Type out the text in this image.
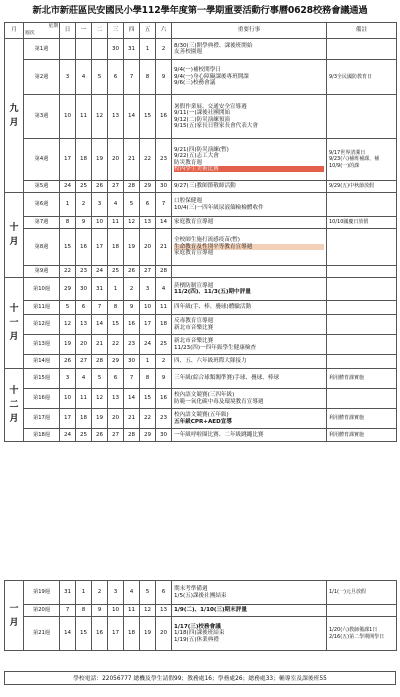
新北市新莊區民安國民小學112學年度第一學期重要活動行事曆0628校務會議通過
月	星期
週次	日	一	二	三	四	五	六	重要行事	備註

九
月	第1週				30	31	1	2	8/30(三)開學典禮、課後班開始
友善校園週	

	第2週	3	4	5	6	7	8	9	9/4(一)補校開學日
9/4(一)身心障礙課後專班開課
9/6(三)校務會議	9/3全民國防教育日

	第3週	10	11	12	13	14	15	16	暑假作業展、交通安全宣導週
9/11(一)課後社團開始
9/12(二)防災演練預演
9/15(五)家長日暨家長會代表大會	

	第4週	17	18	19	20	21	22	23	9/21(四)防災演練(暫)
9/22(五)志工大會
防災教育週
校內學生美術比賽	9/17世界清潔日
9/23(六)補班補課，補10/9(一)的課

	第5週	24	25	26	27	28	29	30	9/27(三)教師節敬師活動	9/29(五)中秋節放假

十
月	第6週	1	2	3	4	5	6	7	口腔保健週
10/4(三)一四年級尿液篩檢檢體收件	

	第7週	8	9	10	11	12	13	14	家庭教育宣導週	10/10國慶日放假

	第8週	15	16	17	18	19	20	21	全校師生施打流感疫苗(暫)
生命教育及性別平等教育宣導週
家庭教育宣導週	

	第9週	22	23	24	25	26	27	28	

十
一
月	第10週	29	30	31	1	2	3	4	菸檳防制宣導週
11/2(四)、11/3(五)期中評量	

	第11週	5	6	7	8	9	10	11	四年級(手、棒、疊球)體驗活動	

	第12週	12	13	14	15	16	17	18	反毒教育宣導週
新北市音樂比賽	

	第13週	19	20	21	22	23	24	25	新北市音樂比賽
11/23(四)一四年級學生健康檢查	

	第14週	26	27	28	29	30	1	2	四、五、六年級班際大隊接力	

十
二
月	第15週	3	4	5	6	7	8	9	三年級(綜合球類闖準賽)手球、疊球、棒球	利用體育課實施

	第16週	10	11	12	13	14	15	16	校內語文競賽(三四年級)
防範一氧化碳中毒及環境教育宣導週	

	第17週	17	18	19	20	21	22	23	校內語文競賽(五年級)
五年級CPR+AED宣導	利用體育課實施

	第18週	24	25	26	27	28	29	30	一年級呼啦圈比賽、二年級跳繩比賽	利用體育課實施
一
月	第19週	31	1	2	3	4	5	6	期末考準備週
1/5(五)課後社團結束	1/1(一)元旦放假

	第20週	7	8	9	10	11	12	13	1/9(二)、1/10(三)期末評量	

	第21週	14	15	16	17	18	19	20	1/17(三)校務會議
1/18(四)課後班結束
1/19(五)休業典禮	1/20(六)教師備課1日
2/16(五)第二學期開學日
學校電話：22056777 總機及學生請假99；教務處16；學務處26；總務處33；輔導室及課後班55
